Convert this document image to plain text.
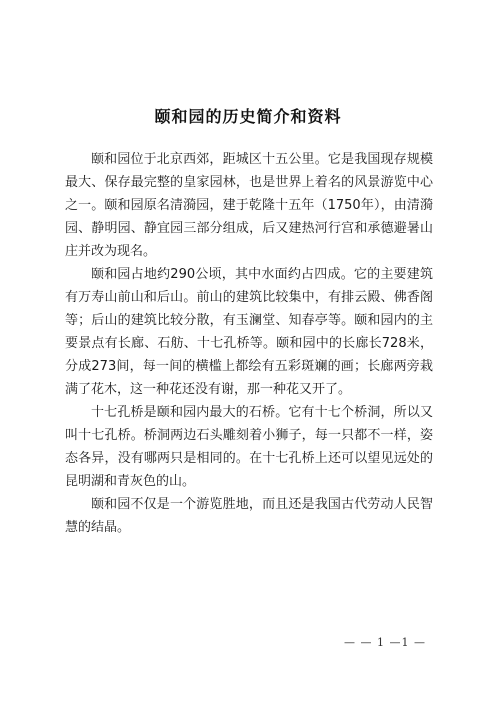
颐和园的历史简介和资料

颐和园位于北京西郊，距城区十五公里。它是我国现存规模最大、保存最完整的皇家园林，也是世界上着名的风景游览中心之一。颐和园原名清漪园，建于乾隆十五年（1750年），由清漪园、静明园、静宜园三部分组成，后又建热河行宫和承德避暑山庄并改为现名。

颐和园占地约290公顷，其中水面约占四成。它的主要建筑有万寿山前山和后山。前山的建筑比较集中，有排云殿、佛香阁等；后山的建筑比较分散，有玉澜堂、知春亭等。颐和园内的主要景点有长廊、石舫、十七孔桥等。颐和园中的长廊长728米，分成273间，每一间的横槛上都绘有五彩斑斓的画；长廊两旁栽满了花木，这一种花还没有谢，那一种花又开了。

十七孔桥是颐和园内最大的石桥。它有十七个桥洞，所以又叫十七孔桥。桥洞两边石头雕刻着小狮子，每一只都不一样，姿态各异，没有哪两只是相同的。在十七孔桥上还可以望见远处的昆明湖和青灰色的山。

颐和园不仅是一个游览胜地，而且还是我国古代劳动人民智慧的结晶。

— — 1 —1 —
